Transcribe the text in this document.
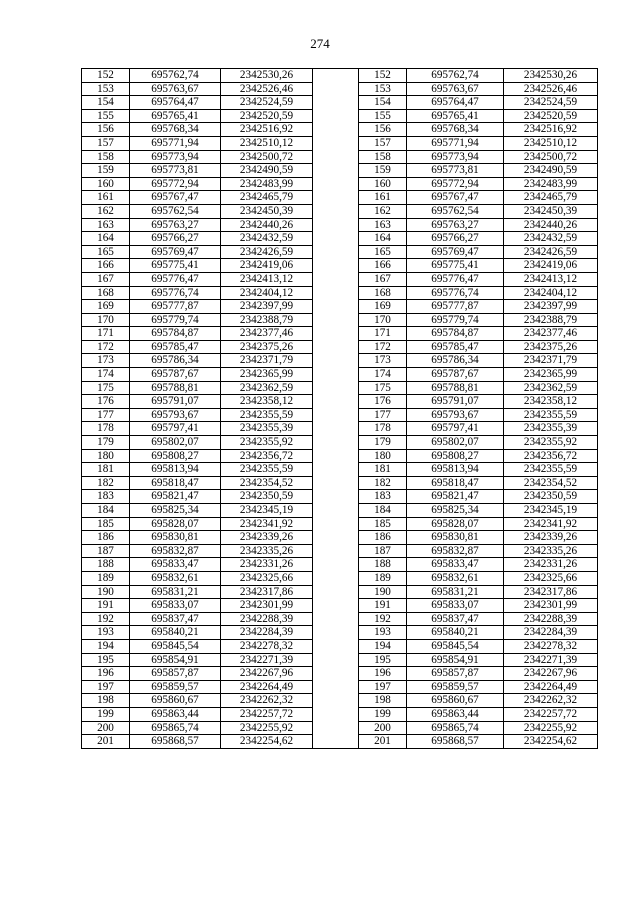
274
152	695762,74	2342530,26		152	695762,74	2342530,26
153	695763,67	2342526,46		153	695763,67	2342526,46
154	695764,47	2342524,59		154	695764,47	2342524,59
155	695765,41	2342520,59		155	695765,41	2342520,59
156	695768,34	2342516,92		156	695768,34	2342516,92
157	695771,94	2342510,12		157	695771,94	2342510,12
158	695773,94	2342500,72		158	695773,94	2342500,72
159	695773,81	2342490,59		159	695773,81	2342490,59
160	695772,94	2342483,99		160	695772,94	2342483,99
161	695767,47	2342465,79		161	695767,47	2342465,79
162	695762,54	2342450,39		162	695762,54	2342450,39
163	695763,27	2342440,26		163	695763,27	2342440,26
164	695766,27	2342432,59		164	695766,27	2342432,59
165	695769,47	2342426,59		165	695769,47	2342426,59
166	695775,41	2342419,06		166	695775,41	2342419,06
167	695776,47	2342413,12		167	695776,47	2342413,12
168	695776,74	2342404,12		168	695776,74	2342404,12
169	695777,87	2342397,99		169	695777,87	2342397,99
170	695779,74	2342388,79		170	695779,74	2342388,79
171	695784,87	2342377,46		171	695784,87	2342377,46
172	695785,47	2342375,26		172	695785,47	2342375,26
173	695786,34	2342371,79		173	695786,34	2342371,79
174	695787,67	2342365,99		174	695787,67	2342365,99
175	695788,81	2342362,59		175	695788,81	2342362,59
176	695791,07	2342358,12		176	695791,07	2342358,12
177	695793,67	2342355,59		177	695793,67	2342355,59
178	695797,41	2342355,39		178	695797,41	2342355,39
179	695802,07	2342355,92		179	695802,07	2342355,92
180	695808,27	2342356,72		180	695808,27	2342356,72
181	695813,94	2342355,59		181	695813,94	2342355,59
182	695818,47	2342354,52		182	695818,47	2342354,52
183	695821,47	2342350,59		183	695821,47	2342350,59
184	695825,34	2342345,19		184	695825,34	2342345,19
185	695828,07	2342341,92		185	695828,07	2342341,92
186	695830,81	2342339,26		186	695830,81	2342339,26
187	695832,87	2342335,26		187	695832,87	2342335,26
188	695833,47	2342331,26		188	695833,47	2342331,26
189	695832,61	2342325,66		189	695832,61	2342325,66
190	695831,21	2342317,86		190	695831,21	2342317,86
191	695833,07	2342301,99		191	695833,07	2342301,99
192	695837,47	2342288,39		192	695837,47	2342288,39
193	695840,21	2342284,39		193	695840,21	2342284,39
194	695845,54	2342278,32		194	695845,54	2342278,32
195	695854,91	2342271,39		195	695854,91	2342271,39
196	695857,87	2342267,96		196	695857,87	2342267,96
197	695859,57	2342264,49		197	695859,57	2342264,49
198	695860,67	2342262,32		198	695860,67	2342262,32
199	695863,44	2342257,72		199	695863,44	2342257,72
200	695865,74	2342255,92		200	695865,74	2342255,92
201	695868,57	2342254,62		201	695868,57	2342254,62
